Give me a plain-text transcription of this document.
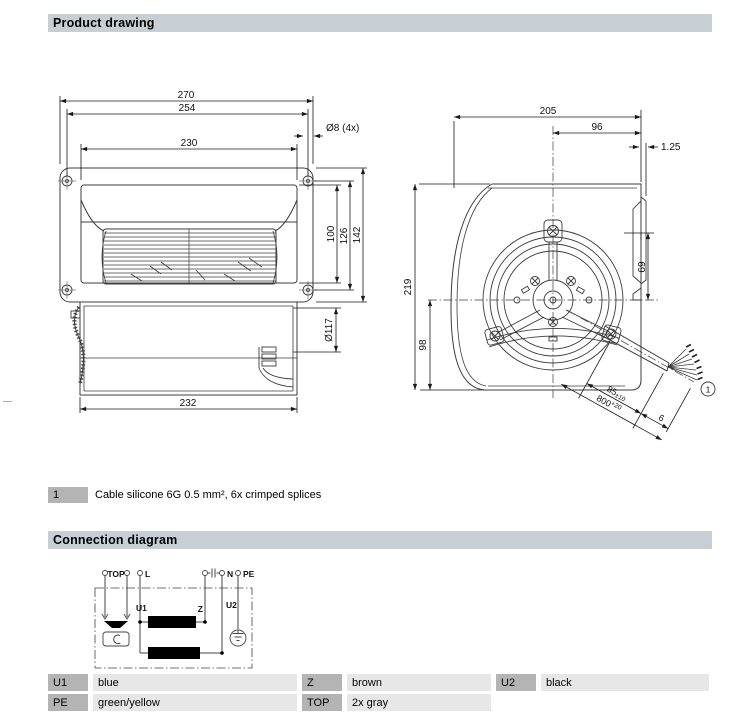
Product drawing
270
254
230
Ø8 (4x)
100 126 142
Ø117
232
1
205
96
1.25
219
98
69
85±10
6
$800^{+20}$
1	Cable silicone 6G 0.5 mm², 6x crimped splices
Connection diagram
TOP L	N PE
U1	Z	U2
U1		blue		Z		brown		U2		black

PE		green/yellow		TOP		2x gray				
